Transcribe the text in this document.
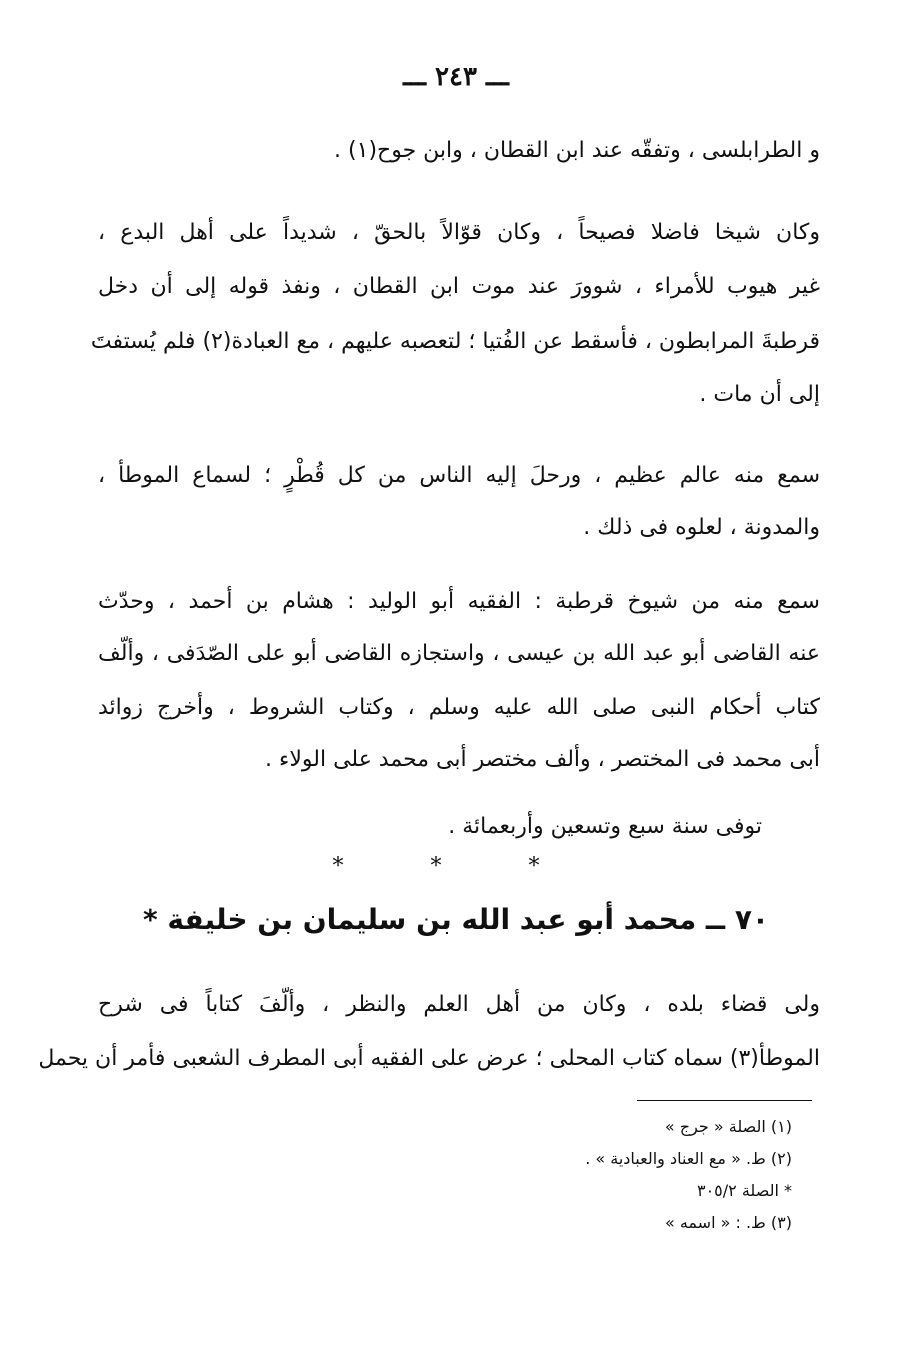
ـــ ٢٤٣ ـــ
و الطرابلسى ، وتفقّه عند ابن القطان ، وابن جوح(١) .
وكان شيخا فاضلا فصيحاً ، وكان قوّالاً بالحقّ ، شديداً على أهل البدع ،
غير هيوب للأمراء ، شوورَ عند موت ابن القطان ، ونفذ قوله إلى أن دخل
قرطبةَ المرابطون ، فأسقط عن الفُتيا ؛ لتعصبه عليهم ، مع العبادة(٢) فلم يُستفتَ
إلى أن مات .
سمع منه عالم عظيم ، ورحلَ إليه الناس من كل قُطْرٍ ؛ لسماع الموطأ ،
والمدونة ، لعلوه فى ذلك .
سمع منه من شيوخ قرطبة : الفقيه أبو الوليد : هشام بن أحمد ، وحدّث
عنه القاضى أبو عبد الله بن عيسى ، واستجازه القاضى أبو على الصّدَفى ، وألّف
كتاب أحكام النبى صلى الله عليه وسلم ، وكتاب الشروط ، وأخرج زوائد
أبى محمد فى المختصر ، وألف مختصر أبى محمد على الولاء .
توفى سنة سبع وتسعين وأربعمائة .
* * *
٧٠ ــ محمد أبو عبد الله بن سليمان بن خليفة *
ولى قضاء بلده ، وكان من أهل العلم والنظر ، وألّفَ كتاباً فى شرح
الموطأ(٣) سماه كتاب المحلى ؛ عرض على الفقيه أبى المطرف الشعبى فأمر أن يحمل
(١) الصلة « جرج »
(٢) ط. « مع العناد والعبادية » .
* الصلة ٣٠٥/٢
(٣) ط. : « اسمه »
